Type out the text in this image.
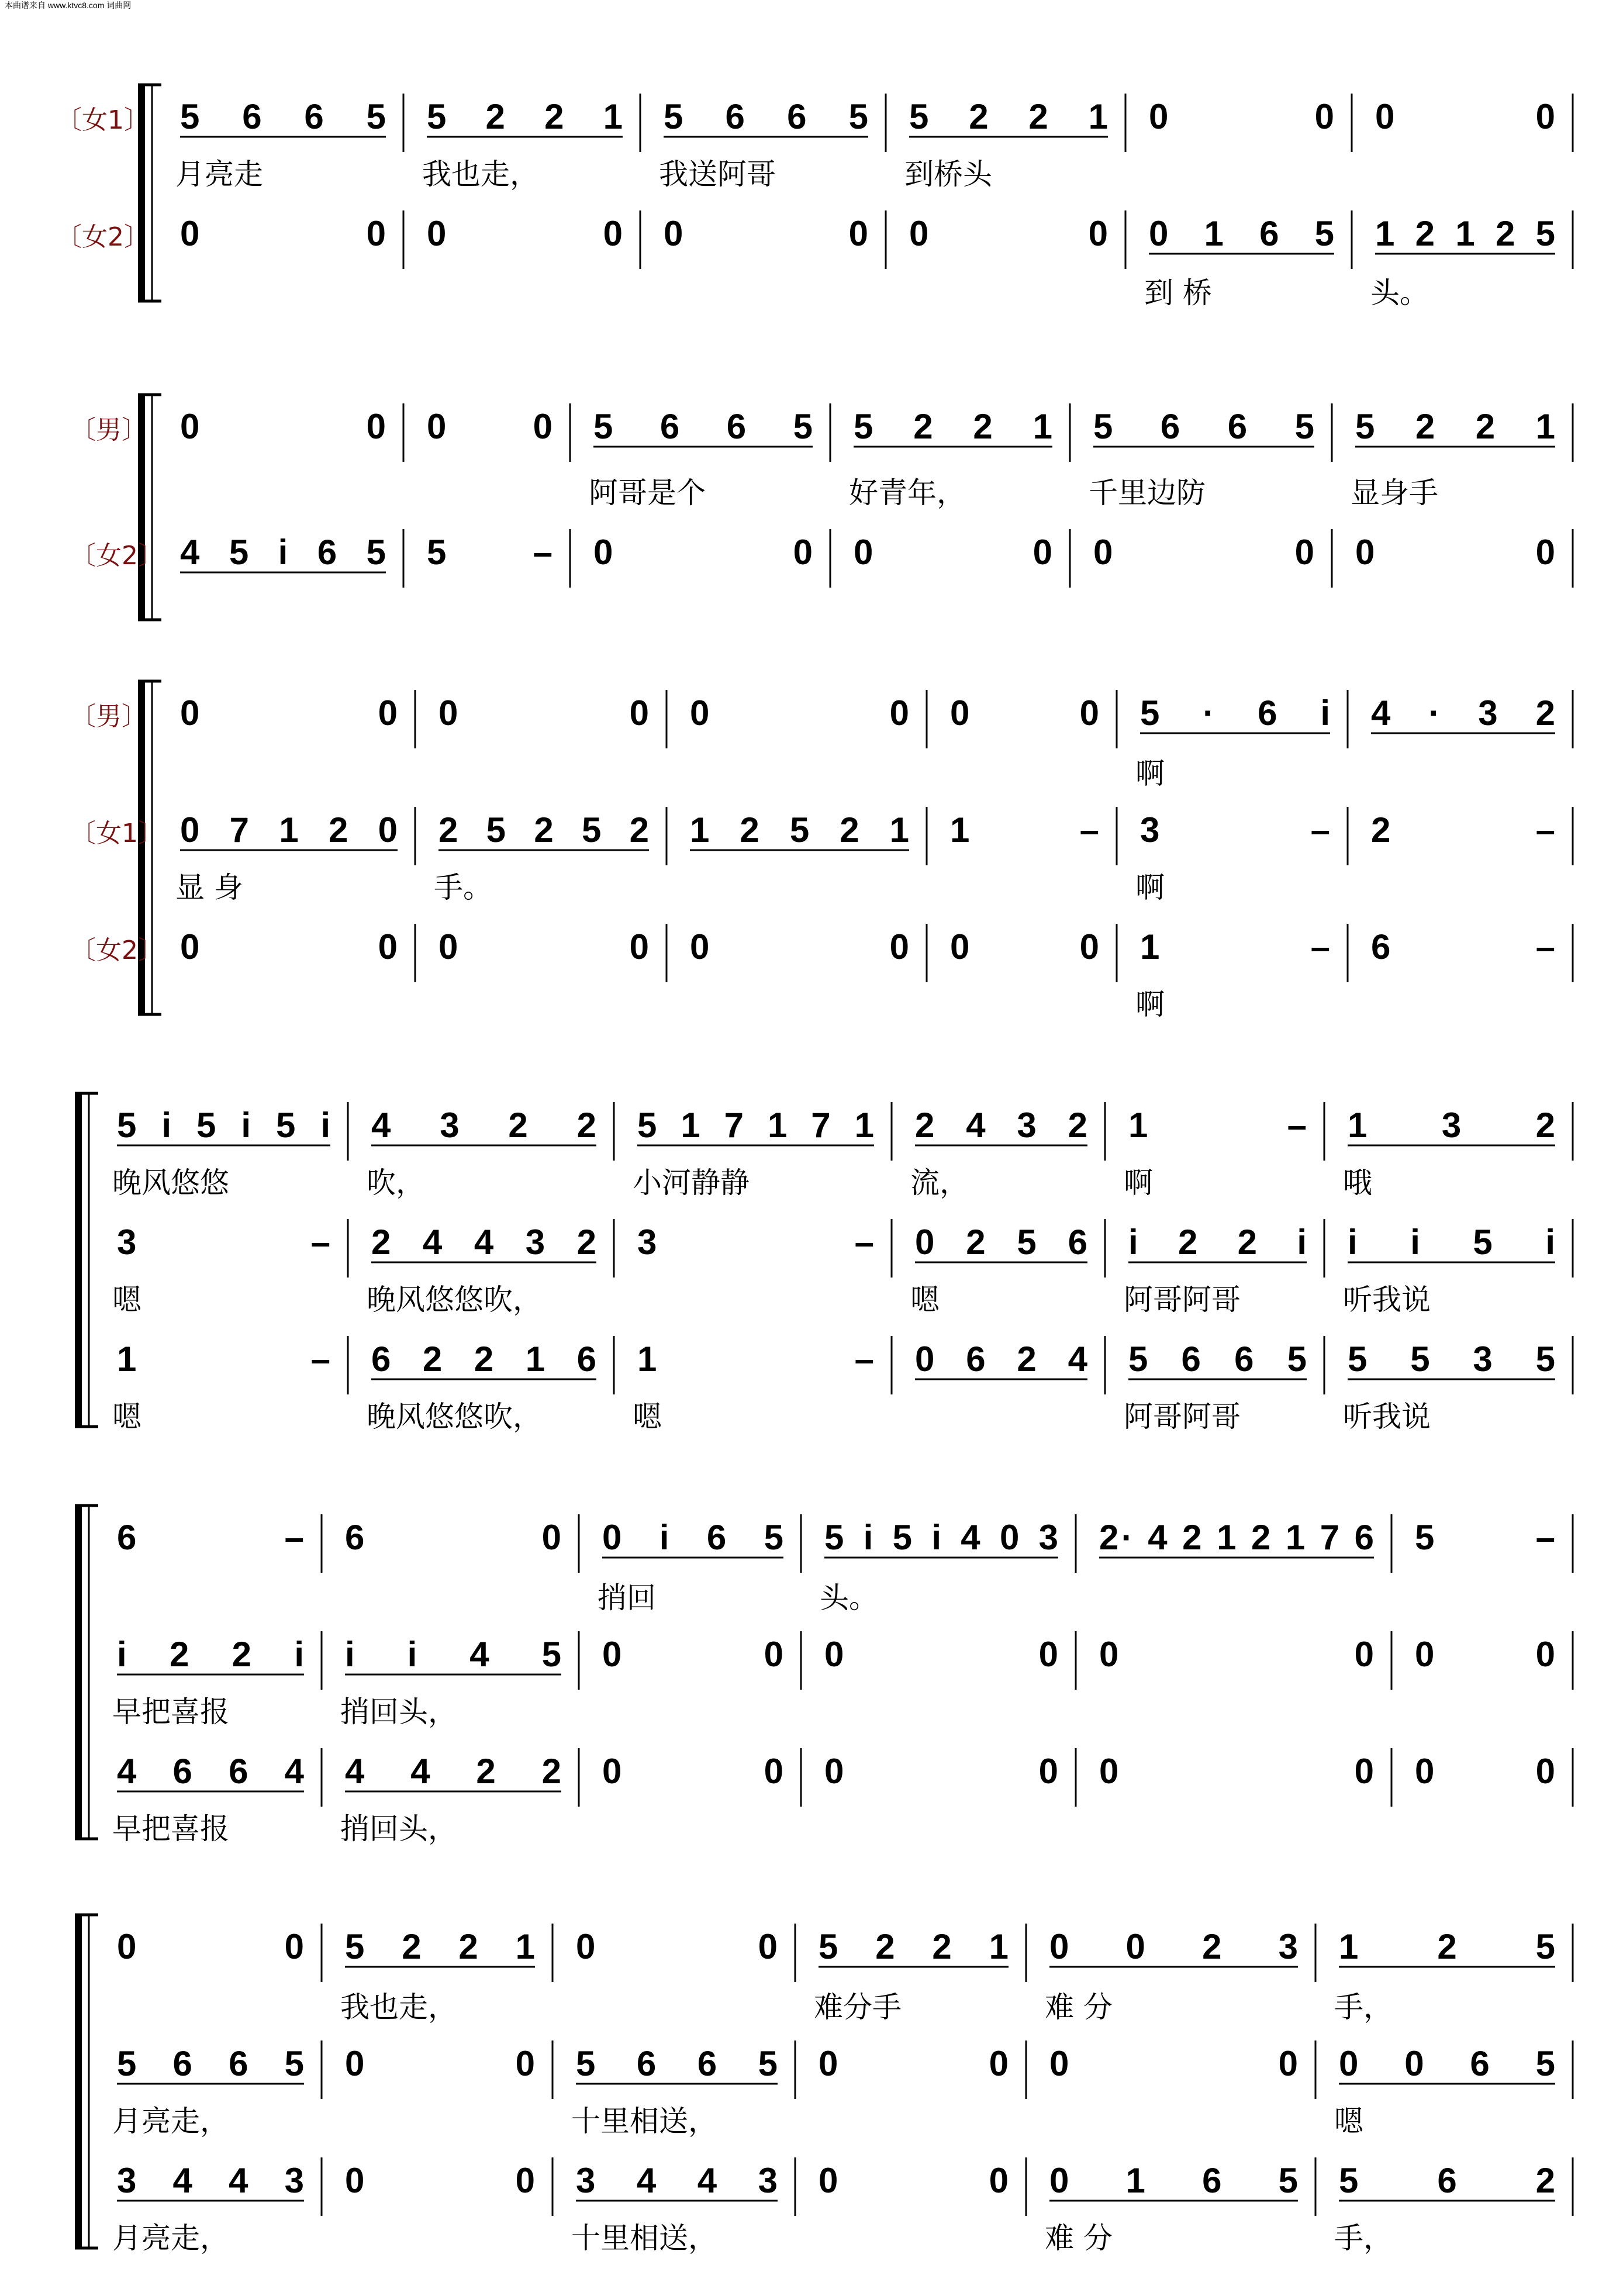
本曲谱来自 www.ktvc8.com 词曲网
〔女1〕 5 6 6 5
月亮走
5 2 2 1
我也走，
5 6 6 5
我送阿哥
5 2 2 1
到桥头
0 0 0 0
〔女2〕 0 0 0 0 0 0 0 0 0 1 6 5
到 桥
1 2 1 2 5
头。
〔男〕 0 0 0 0 5 6 6 5
阿哥是个
5 2 2 1
好青年，
5 6 6 5
千里边防
5 2 2 1
显身手
〔女2〕 4 5 i 6 5 5 – 0 0 0 0 0 0 0 0
〔男〕 0 0 0 0 0 0 0 0 5 · 6 i
啊
4 · 3 2
〔女1〕 0 7 1 2 0
显 身
2 5 2 5 2
手。
1 2 5 2 1 1 – 3 –
啊
2 –
〔女2〕 0 0 0 0 0 0 0 0 1 –
啊
6 –
5 i 5 i 5 i
晚风悠悠
4 3 2 2
吹，
5 1 7 1 7 1
小河静静
2 4 3 2
流，
1 –
啊
1 3 2
哦
3 –
嗯
2 4 4 3 2
晚风悠悠吹，
3 – 0 2 5 6
嗯
i 2 2 i
阿哥阿哥
i i 5 i
听我说
1 –
嗯
6 2 2 1 6
晚风悠悠吹，
1 –
嗯
0 6 2 4 5 6 6 5
阿哥阿哥
5 5 3 5
听我说
6 – 6 0 0 i 6 5
捎回
5 i 5 i 4 0 3
头。
2· 4 2 1 2 1 7 6 5 –
i 2 2 i
早把喜报
i i 4 5
捎回头，
0 0 0 0 0 0 0 0
4 6 6 4
早把喜报
4 4 2 2
捎回头，
0 0 0 0 0 0 0 0
0 0 5 2 2 1
我也走，
0 0 5 2 2 1
难分手
0 0 2 3
难 分
1 2 5
手，
5 6 6 5
月亮走，
0 0 5 6 6 5
十里相送，
0 0 0 0 0 0 6 5
嗯
3 4 4 3
月亮走，
0 0 3 4 4 3
十里相送，
0 0 0 1 6 5
难 分
5 6 2
手，
